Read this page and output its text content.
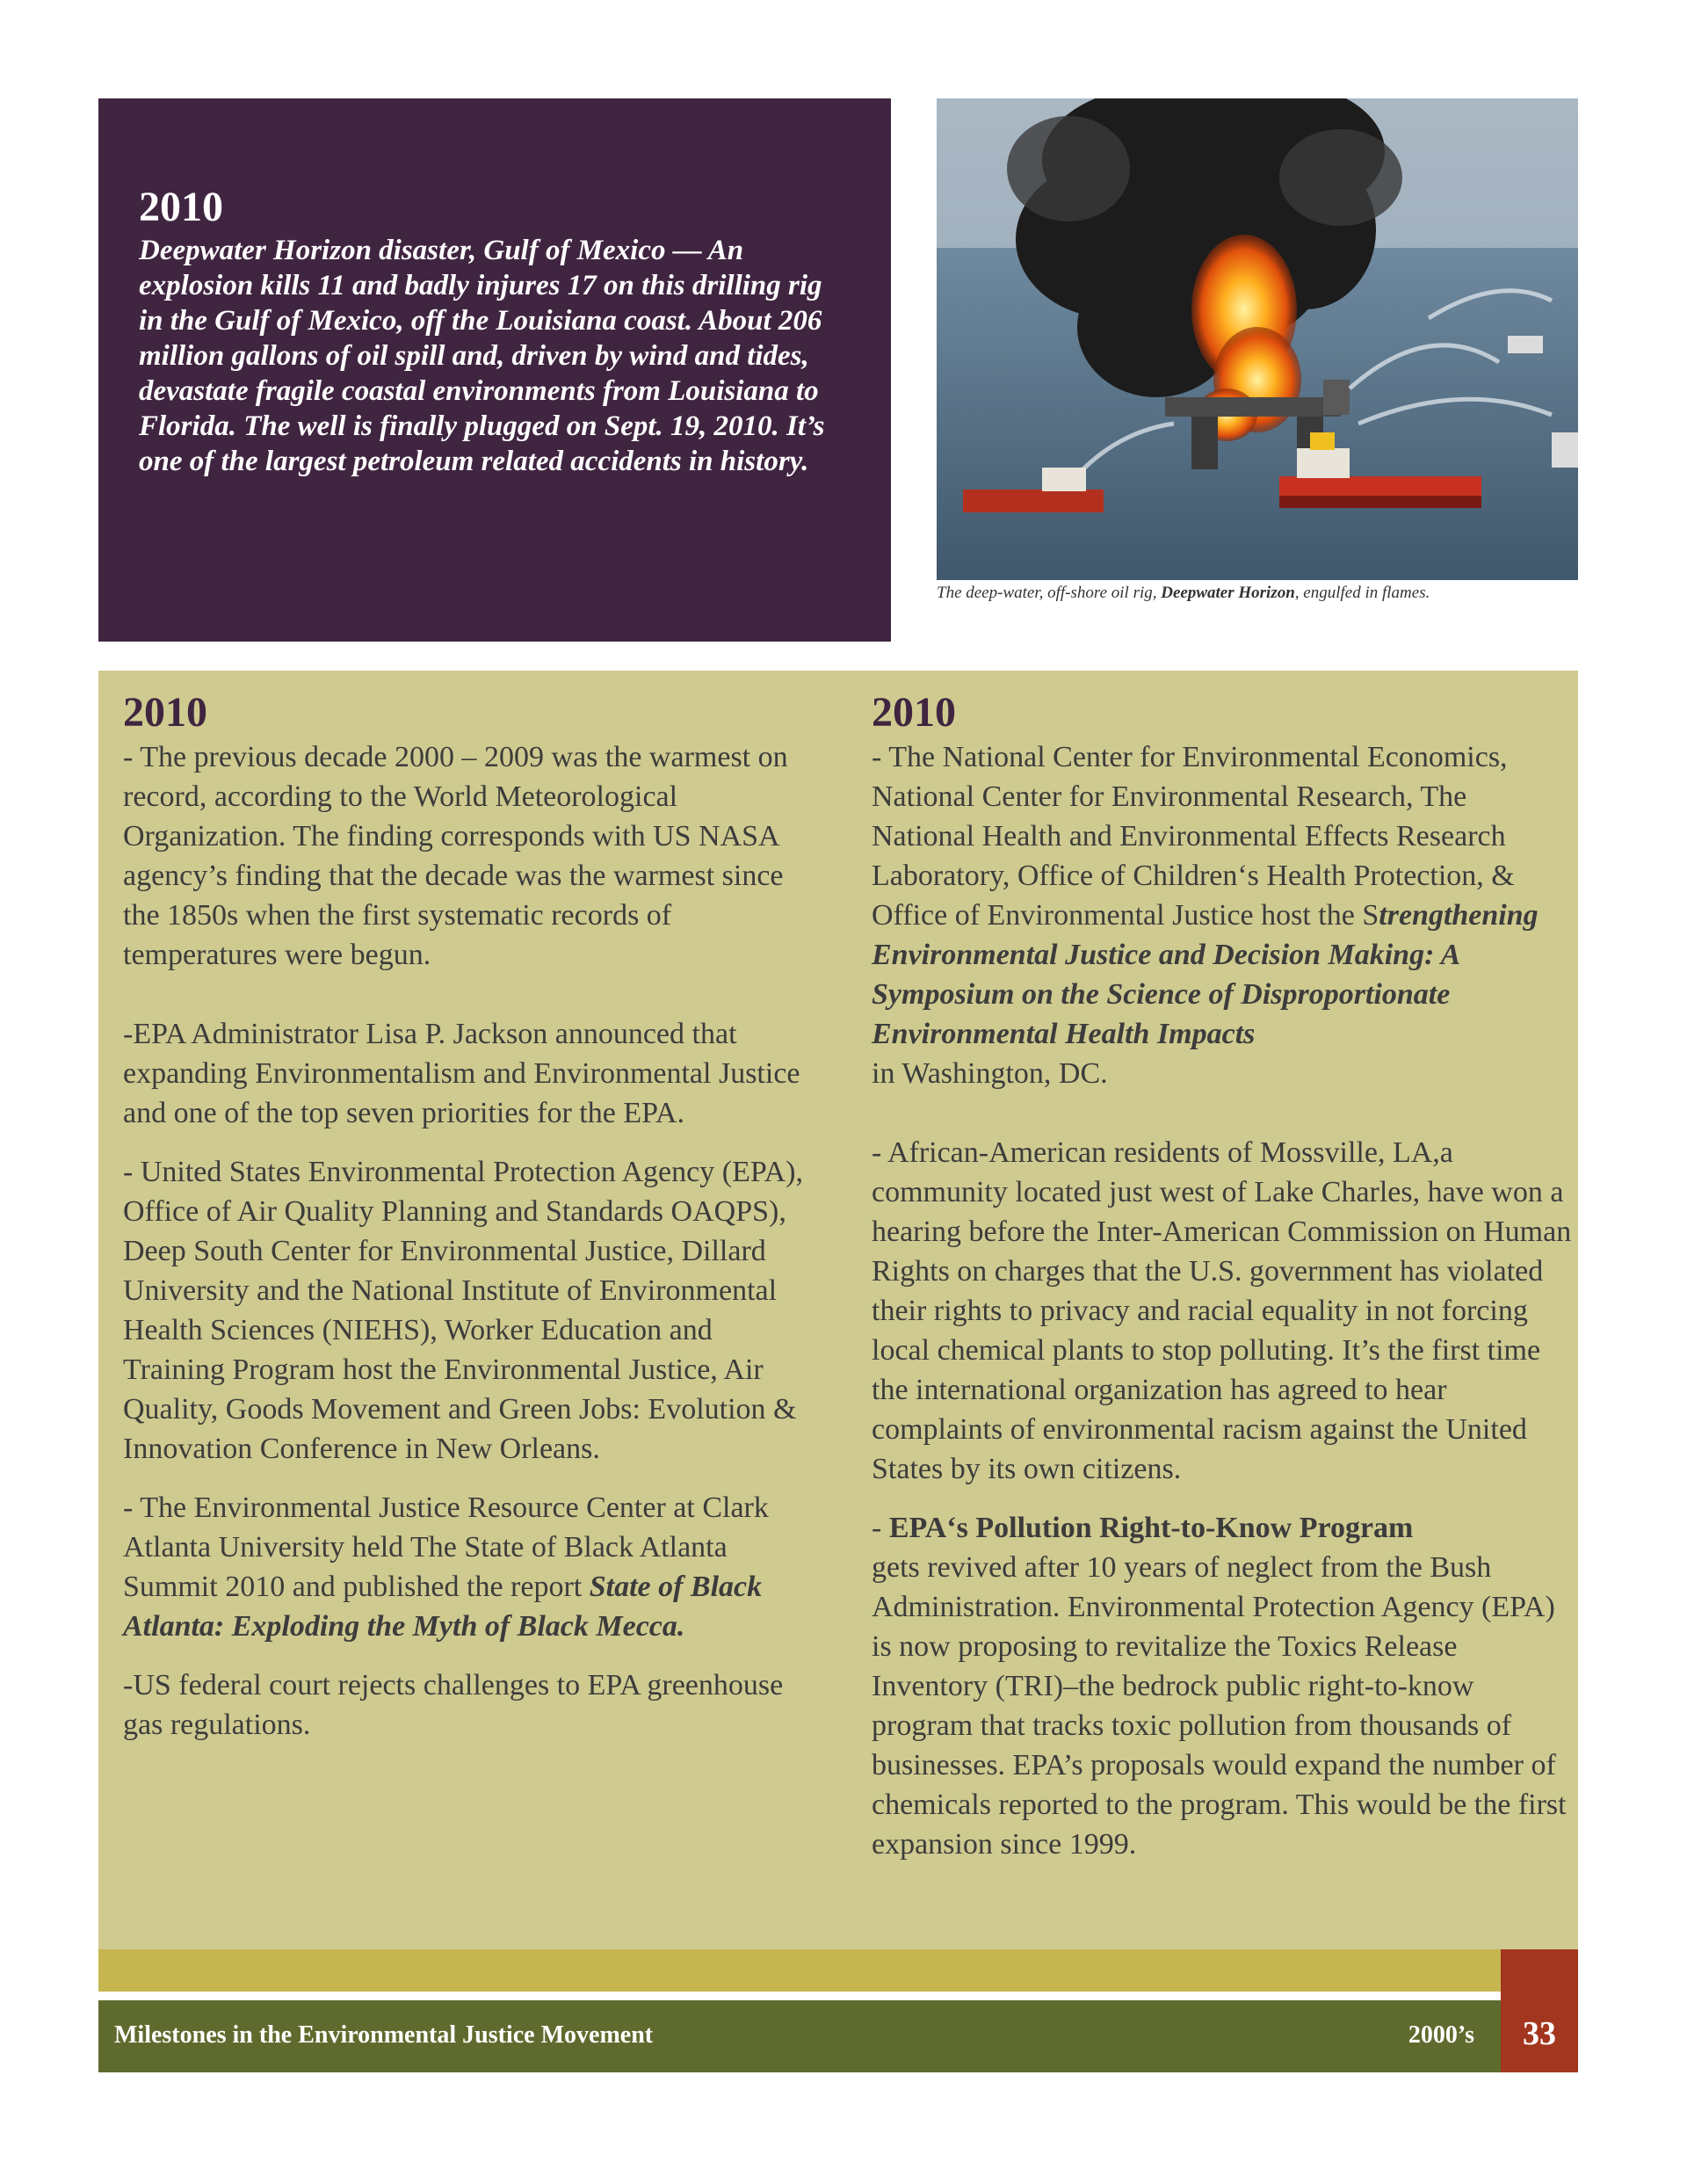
2010
Deepwater Horizon disaster, Gulf of Mexico — An explosion kills 11 and badly injures 17 on this drilling rig in the Gulf of Mexico, off the Louisiana coast. About 206 million gallons of oil spill and, driven by wind and tides, devastate fragile coastal environments from Louisiana to Florida. The well is finally plugged on Sept. 19, 2010. It’s one of the largest petroleum related accidents in history.
The deep-water, off-shore oil rig, Deepwater Horizon, engulfed in flames.
2010

- The previous decade 2000 – 2009 was the warmest on record, according to the World Meteorological Organization. The finding corresponds with US NASA agency’s finding that the decade was the warmest since the 1850s when the first systematic records of temperatures were begun.

-EPA Administrator Lisa P. Jackson announced that expanding Environmentalism and Environmental Justice and one of the top seven priorities for the EPA.

- United States Environmental Protection Agency (EPA), Office of Air Quality Planning and Standards OAQPS), Deep South Center for Environmental Justice, Dillard University and the National Institute of Environmental Health Sciences (NIEHS), Worker Education and Training Program host the Environmental Justice, Air Quality, Goods Movement and Green Jobs: Evolution & Innovation Conference in New Orleans.

- The Environmental Justice Resource Center at Clark Atlanta University held The State of Black Atlanta Summit 2010 and published the report State of Black Atlanta: Exploding the Myth of Black Mecca.

-US federal court rejects challenges to EPA greenhouse gas regulations.

2010

- The National Center for Environmental Economics, National Center for Environmental Research, The National Health and Environmental Effects Research Laboratory, Office of Children‘s Health Protection, & Office of Environmental Justice host the Strengthening Environmental Justice and Decision Making: A Symposium on the Science of Disproportionate Environmental Health Impacts
in Washington, DC.

- African-American residents of Mossville, LA,a community located just west of Lake Charles, have won a hearing before the Inter-American Commission on Human Rights on charges that the U.S. government has violated their rights to privacy and racial equality in not forcing local chemical plants to stop polluting. It’s the first time the international organization has agreed to hear complaints of environmental racism against the United States by its own citizens.

- EPA‘s Pollution Right-to-Know Program
gets revived after 10 years of neglect from the Bush Administration. Environmental Protection Agency (EPA) is now proposing to revitalize the Toxics Release Inventory (TRI)–the bedrock public right-to-know program that tracks toxic pollution from thousands of businesses. EPA’s proposals would expand the number of chemicals reported to the program. This would be the first expansion since 1999.

Milestones in the Environmental Justice Movement	2000’s	33
